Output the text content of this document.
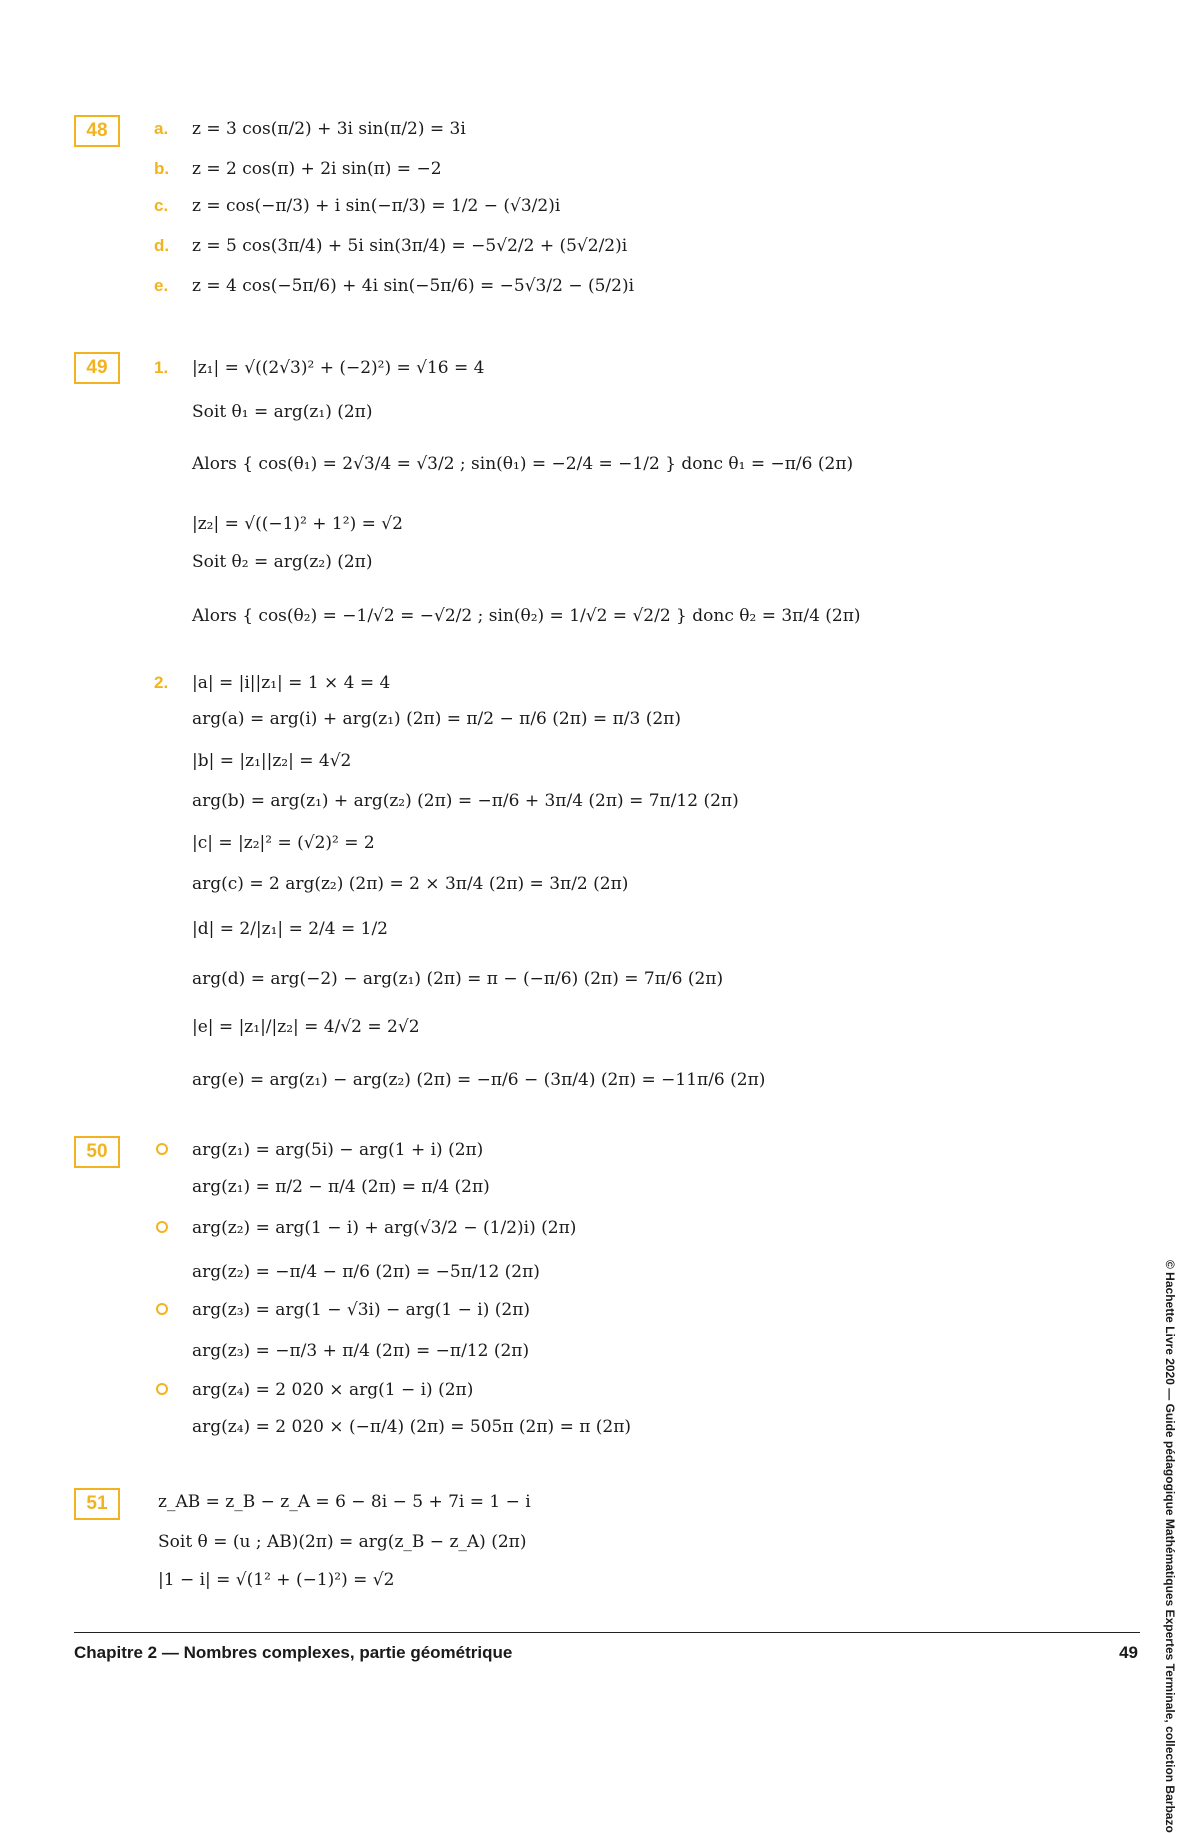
48	a. z = 3 cos(π/2) + 3i sin(π/2) = 3i
b. z = 2 cos(π) + 2i sin(π) = −2
c. z = cos(−π/3) + i sin(−π/3) = 1/2 − (√3/2)i
d. z = 5 cos(3π/4) + 5i sin(3π/4) = −5√2/2 + (5√2/2)i
e. z = 4 cos(−5π/6) + 4i sin(−5π/6) = −5√3/2 − (5/2)i
49	1. |z₁| = √((2√3)² + (−2)²) = √16 = 4
Soit θ₁ = arg(z₁) (2π)
Alors { cos(θ₁) = 2√3/4 = √3/2 ; sin(θ₁) = −2/4 = −1/2 } donc θ₁ = −π/6 (2π)
|z₂| = √((−1)² + 1²) = √2
Soit θ₂ = arg(z₂) (2π)
Alors { cos(θ₂) = −1/√2 = −√2/2 ; sin(θ₂) = 1/√2 = √2/2 } donc θ₂ = 3π/4 (2π)
2. |a| = |i||z₁| = 1 × 4 = 4
arg(a) = arg(i) + arg(z₁) (2π) = π/2 − π/6 (2π) = π/3 (2π)
|b| = |z₁||z₂| = 4√2
arg(b) = arg(z₁) + arg(z₂) (2π) = −π/6 + 3π/4 (2π) = 7π/12 (2π)
|c| = |z₂|² = (√2)² = 2
arg(c) = 2 arg(z₂) (2π) = 2 × 3π/4 (2π) = 3π/2 (2π)
|d| = 2/|z₁| = 2/4 = 1/2
arg(d) = arg(−2) − arg(z₁) (2π) = π − (−π/6) (2π) = 7π/6 (2π)
|e| = |z₁|/|z₂| = 4/√2 = 2√2
arg(e) = arg(z₁) − arg(z₂) (2π) = −π/6 − (3π/4) (2π) = −11π/6 (2π)
50	arg(z₁) = arg(5i) − arg(1 + i) (2π)
arg(z₁) = π/2 − π/4 (2π) = π/4 (2π)
arg(z₂) = arg(1 − i) + arg(√3/2 − (1/2)i) (2π)
arg(z₂) = −π/4 − π/6 (2π) = −5π/12 (2π)
arg(z₃) = arg(1 − √3i) − arg(1 − i) (2π)
arg(z₃) = −π/3 + π/4 (2π) = −π/12 (2π)
arg(z₄) = 2 020 × arg(1 − i) (2π)
arg(z₄) = 2 020 × (−π/4) (2π) = 505π (2π) = π (2π)
51	z_AB = z_B − z_A = 6 − 8i − 5 + 7i = 1 − i
Soit θ = (u ; AB)(2π) = arg(z_B − z_A) (2π)
|1 − i| = √(1² + (−1)²) = √2
Chapitre 2 — Nombres complexes, partie géométrique	49 © Hachette Livre 2020 — Guide pédagogique Mathématiques Expertes Terminale, collection Barbazo
